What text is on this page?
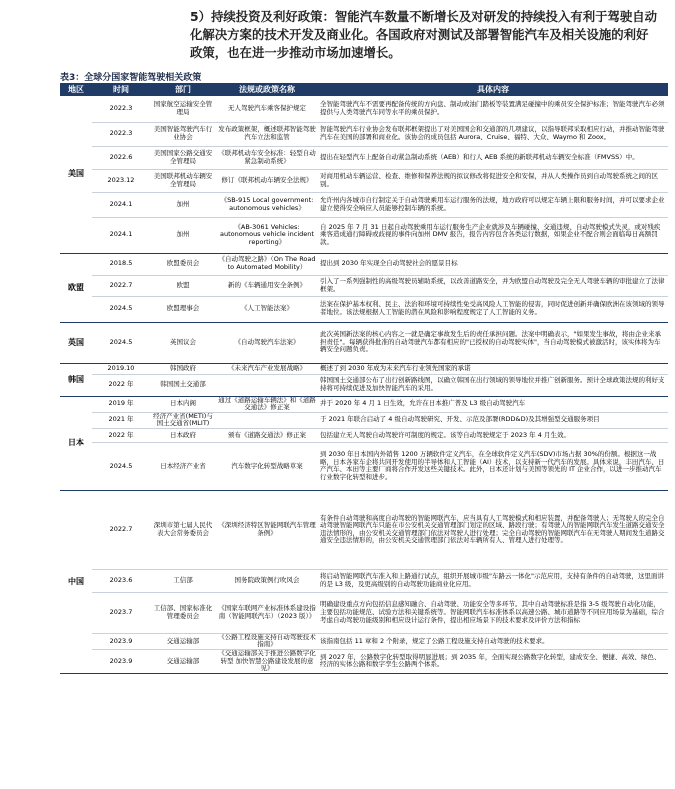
5）持续投资及利好政策：智能汽车数量不断增长及对研发的持续投入有利于驾驶自动化解决方案的技术开发及商业化。各国政府对测试及部署智能汽车及相关设施的利好政策，也在进一步推动市场加速增长。
表3：全球分国家智能驾驶相关政策
地区	时间	部门	法规或政策名称	具体内容
美国	2022.3	国家航空运输安全管理局	无人驾驶汽车乘客保护规定	全智能驾驶汽车不需要再配备传统的方向盘、制动或油门踏板等装置满足碰撞中的乘员安全保护标准；智能驾驶汽车必须提供与人类驾驶汽车同等水平的乘员保护。
	2022.3	美国智能驾驶汽车行业协会	发布政策框架，概述联邦智能驾驶汽车立法和监管	智能驾驶汽车行业协会发布联邦框架提出了对美国国会和交通部的几项建议，以指导联邦采取相应行动，并推动智能驾驶汽车在美国的部署和商业化。该协会的成员包括 Aurora、Cruise、福特、大众、Waymo 和 Zoox。
	2022.6	美国国家公路交通安全管理局	《联邦机动车安全标准：轻型自动紧急制动系统》	提出在轻型汽车上配备自动紧急制动系统（AEB）和行人 AEB 系统的新联邦机动车辆安全标准（FMVSS）中。
	2023.12	美国联邦机动车辆安全管理局	修订《联邦机动车辆安全法规》	对商用机动车辆运营、检查、维修和保养法规的拟议修改将促进安全和安保，并从人类操作员到自动驾驶系统之间的区别。
	2024.1	加州	《SB-915 Local government: autonomous vehicles》	允许州内各城市自行制定关于自动驾驶乘用车运行服务的法规，地方政府可以规定车辆上限和服务时间，并可以要求企业建立使得安全响应人员能够控制车辆的系统。
	2024.1	加州	《AB-3061 Vehicles: autonomous vehicle incident reporting》	自 2025 年 7 月 31 日起自动驾驶乘用车运行服务生产企业就涉及车辆碰撞、交通违规、自动驾驶模式失灵，或对残疾乘客造成通行障碍或歧视的事件向加州 DMV 报告，报告内容包含各类运行数据，如果企业不配合则会面临每日高额罚款。
欧盟	2018.5	欧盟委员会	《自动驾驶之路》（On The Road to Automated Mobility）	提出到 2030 年实现全自动驾驶社会的愿景目标
	2022.7	欧盟	新的《车辆通用安全条例》	引入了一系列强制性的高级驾驶员辅助系统，以改善道路安全，并为欧盟自动驾驶及完全无人驾驶车辆的审批建立了法律框架。
	2024.5	欧盟理事会	《人工智能法案》	法案在保护基本权利、民主、法治和环境可持续性免受高风险人工智能的侵害，同时促进创新并确保欧洲在该领域的领导者地位。该法规根据人工智能的潜在风险和影响程度规定了人工智能的义务。
英国	2024.5	英国议会	《自动驾驶汽车法案》	此次英国新法案的核心内容之一就是确定事故发生后的责任承担问题。法案中明确表示，"如果发生事故，将由企业来承担责任"。每辆获得批准的自动驾驶汽车都有相应的"已授权的自动驾驶实体"，当自动驾驶模式被激活时，该实体将为车辆安全问题负责。
韩国	2019.10	韩国政府	《未来汽车产业发展战略》	概述了到 2030 年成为未来汽车行业领先国家的承诺
	2022 年	韩国国土交通部		韩国国土交通部公布了出行创新路线图，以确立韩国在出行领域的领导地位并推广创新服务。预计全球政策法规的利好支持将可持续促进及加快智能汽车的采用。
日本	2019 年	日本内阁	通过《道路运输车辆法》和《道路交通法》修正案	并于 2020 年 4 月 1 日生效，允许在日本推广普及 L3 级自动驾驶汽车
	2021 年	经济产业省(METI)与国土交通省(MLIT)		于 2021 年联合启动了 4 级自动驾驶研究、开发、示范及部署(RDD&D)及其增强型交通服务项目
	2022 年	日本政府	颁布《道路交通法》修正案	包括建立无人驾驶自动驾驶许可制度的规定。该等自动驾驶规定于 2023 年 4 月生效。
	2024.5	日本经济产业省	汽车数字化转型战略草案	到 2030 年日本国内外销售 1200 万辆软件定义汽车，在全球软件定义汽车(SDV)市场占据 30%的份额。根据这一战略，日本各家车企将共同开发使用的半导体和人工智能（AI）技术，以支持新一代汽车的发展。具体来说，丰田汽车、日产汽车、本田等主要厂商将合作开发这些关键技术。此外，日本还计划与美国等领先的 IT 企业合作，以进一步推动汽车行业数字化转型和进步。
中国	2022.7	深圳市第七届人民代表大会常务委员会	《深圳经济特区智能网联汽车管理条例》	有条件自动驾驶和高度自动驾驶的智能网联汽车，应当具有人工驾驶模式和相应装置，并配备驾驶人；无驾驶人的完全自动驾驶智能网联汽车只能在市公安机关交通管理部门划定的区域、路段行驶；有驾驶人的智能网联汽车发生道路交通安全违法情形的，由公安机关交通管理部门依法对驾驶人进行处理；完全自动驾驶的智能网联汽车在无驾驶人期间发生道路交通安全违法情形的，由公安机关交通管理部门依法对车辆所有人、管理人进行处理等。
	2023.6	工信部	国务院政策例行吹风会	将启动智能网联汽车准入和上路通行试点，组织开展城市级"车路云一体化"示范应用，支持有条件的自动驾驶，这里面讲的是 L3 级，及更高级别的自动驾驶功能商业化应用。
	2023.7	工信部、国家标准化管理委员会	《国家车联网产业标准体系建设指南（智能网联汽车）（2023 版）》	明确建设重点方向包括信息感知融合、自动驾驶、功能安全等多环节。其中自动驾驶标准是指 3-5 级驾驶自动化功能，主要包括功能规范、试验方法和关键系统等。智能网联汽车标准体系以高速公路、城市道路等不同应用场景为基础，综合考虑自动驾驶功能级别和相应设计运行条件，提出相应场景下的技术要求及评价方法和指标
	2023.9	交通运输部	《公路工程设施支持自动驾驶技术指南》	该指南包括 11 章和 2 个附录，规定了公路工程设施支持自动驾驶的技术要求。
	2023.9	交通运输部	《交通运输部关于推进公路数字化转型 加快智慧公路建设发展的意见》	到 2027 年，公路数字化转型取得明显进展；到 2035 年，全面实现公路数字化转型，建成安全、便捷、高效、绿色、经济的实体公路和数字孪生公路两个体系。
